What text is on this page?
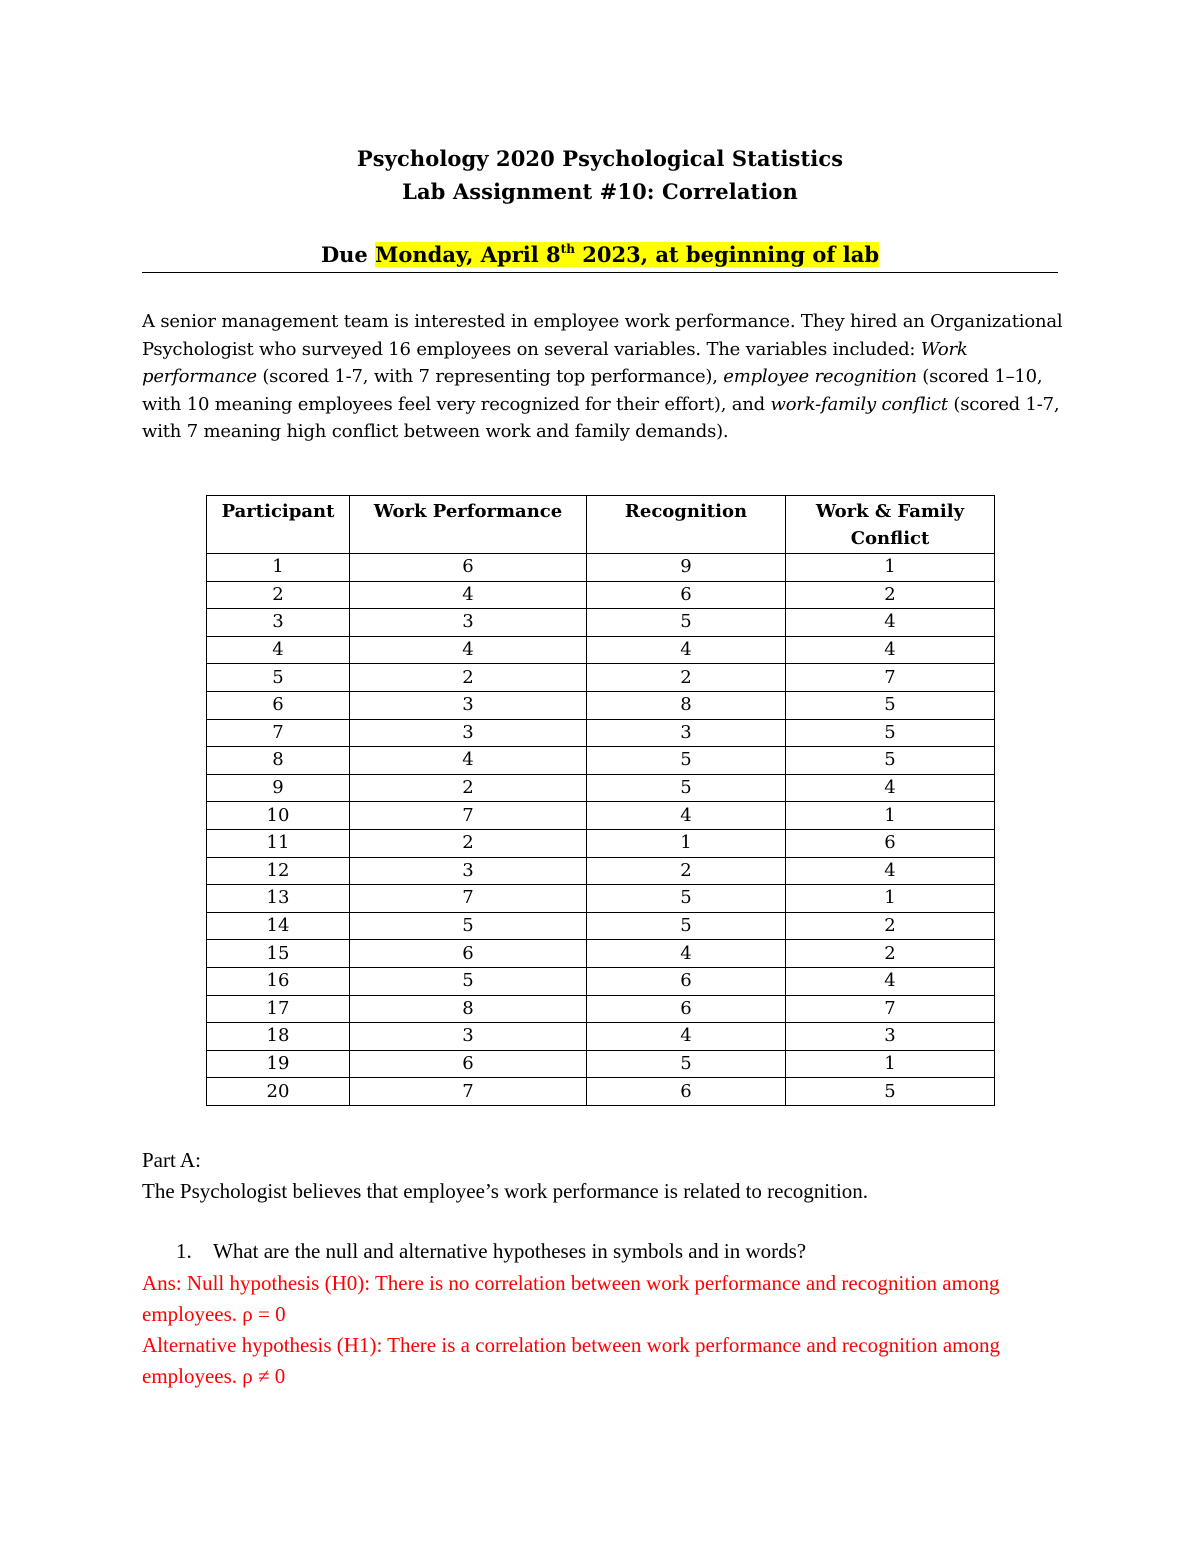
Psychology 2020 Psychological Statistics
Lab Assignment #10: Correlation
Due Monday, April 8th 2023, at beginning of lab

A senior management team is interested in employee work performance. They hired an Organizational Psychologist who surveyed 16 employees on several variables. The variables included: Work performance (scored 1-7, with 7 representing top performance), employee recognition (scored 1–10, with 10 meaning employees feel very recognized for their effort), and work-family conflict (scored 1-7, with 7 meaning high conflict between work and family demands).

Participant	Work Performance	Recognition	Work & Family Conflict
1	6	9	1
2	4	6	2
3	3	5	4
4	4	4	4
5	2	2	7
6	3	8	5
7	3	3	5
8	4	5	5
9	2	5	4
10	7	4	1
11	2	1	6
12	3	2	4
13	7	5	1
14	5	5	2
15	6	4	2
16	5	6	4
17	8	6	7
18	3	4	3
19	6	5	1
20	7	6	5

Part A:

The Psychologist believes that employee’s work performance is related to recognition.

1. What are the null and alternative hypotheses in symbols and in words?

Ans: Null hypothesis (H0): There is no correlation between work performance and recognition among employees. ρ = 0

Alternative hypothesis (H1): There is a correlation between work performance and recognition among employees. ρ ≠ 0
